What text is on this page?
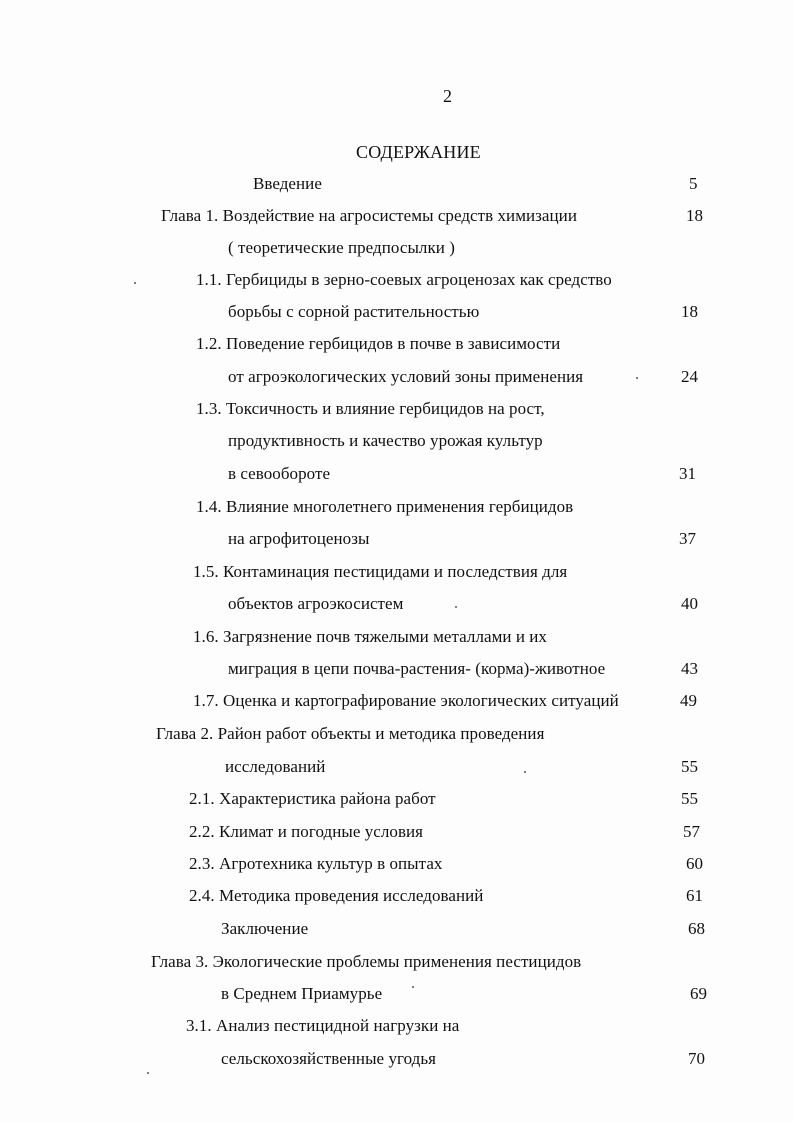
2
СОДЕРЖАНИЕ
Введение	5
Глава 1. Воздействие на агросистемы средств химизации	18
( теоретические предпосылки )
1.1. Гербициды в зерно-соевых агроценозах как средство
борьбы с сорной растительностью	18
1.2. Поведение гербицидов в почве в зависимости
от агроэкологических условий зоны применения	24
1.3. Токсичность и влияние гербицидов на рост,
продуктивность и качество урожая культур
в севообороте	31
1.4. Влияние многолетнего применения гербицидов
на агрофитоценозы	37
1.5. Контаминация пестицидами и последствия для
объектов агроэкосистем	40
1.6. Загрязнение почв тяжелыми металлами и их
миграция в цепи почва-растения- (корма)-животное	43
1.7. Оценка и картографирование экологических ситуаций	49
Глава 2. Район работ объекты и методика проведения
исследований	55
2.1. Характеристика района работ	55
2.2. Климат и погодные условия	57
2.3. Агротехника культур в опытах	60
2.4. Методика проведения исследований	61
Заключение	68
Глава 3. Экологические проблемы применения пестицидов
в Среднем Приамурье	69
3.1. Анализ пестицидной нагрузки на
сельскохозяйственные угодья	70
